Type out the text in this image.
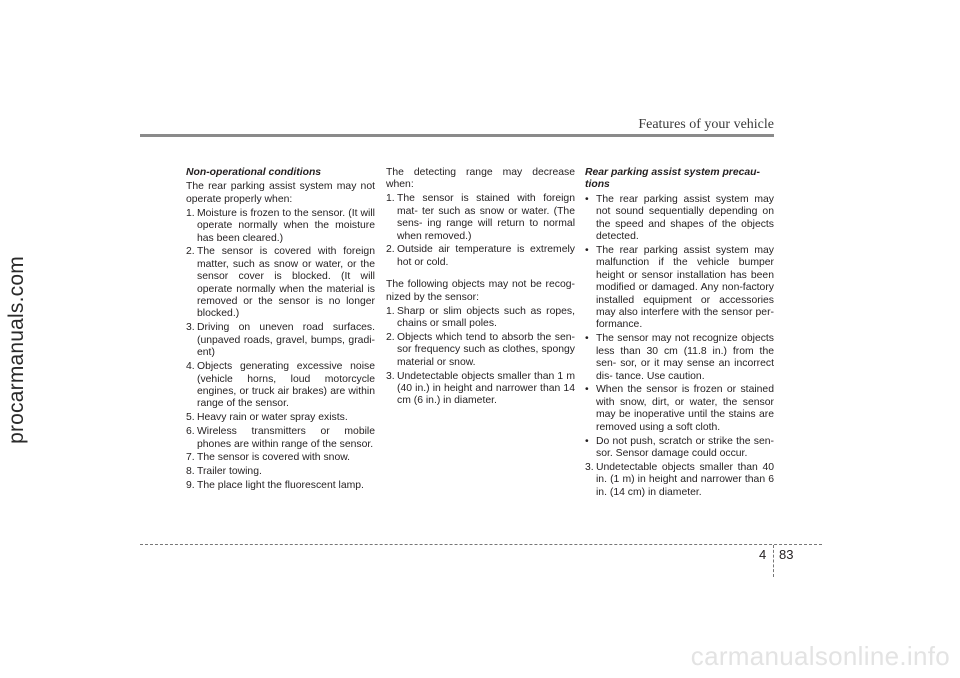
procarmanuals.com
Features of your vehicle
Non-operational conditions
The rear parking assist system may not operate properly when:
1. Moisture is frozen to the sensor. (It will operate normally when the moisture has been cleared.)
2. The sensor is covered with foreign matter, such as snow or water, or the sensor cover is blocked. (It will operate normally when the material is removed or the sensor is no longer blocked.)
3. Driving on uneven road surfaces. (unpaved roads, gravel, bumps, gradi- ent)
4. Objects generating excessive noise (vehicle horns, loud motorcycle engines, or truck air brakes) are within range of the sensor.
5. Heavy rain or water spray exists.
6. Wireless transmitters or mobile phones are within range of the sensor.
7. The sensor is covered with snow.
8. Trailer towing.
9. The place light the fluorescent lamp.
The detecting range may decrease when:
1. The sensor is stained with foreign mat- ter such as snow or water. (The sens- ing range will return to normal when removed.)
2. Outside air temperature is extremely hot or cold.
The following objects may not be recog- nized by the sensor:
1. Sharp or slim objects such as ropes, chains or small poles.
2. Objects which tend to absorb the sen- sor frequency such as clothes, spongy material or snow.
3. Undetectable objects smaller than 1 m (40 in.) in height and narrower than 14 cm (6 in.) in diameter.
Rear parking assist system precau- tions
• The rear parking assist system may not sound sequentially depending on the speed and shapes of the objects detected.
• The rear parking assist system may malfunction if the vehicle bumper height or sensor installation has been modified or damaged. Any non-factory installed equipment or accessories may also interfere with the sensor per- formance.
• The sensor may not recognize objects less than 30 cm (11.8 in.) from the sen- sor, or it may sense an incorrect dis- tance. Use caution.
• When the sensor is frozen or stained with snow, dirt, or water, the sensor may be inoperative until the stains are removed using a soft cloth.
• Do not push, scratch or strike the sen- sor. Sensor damage could occur.
3. Undetectable objects smaller than 40 in. (1 m) in height and narrower than 6 in. (14 cm) in diameter.
4 83
carmanualsonline.info
